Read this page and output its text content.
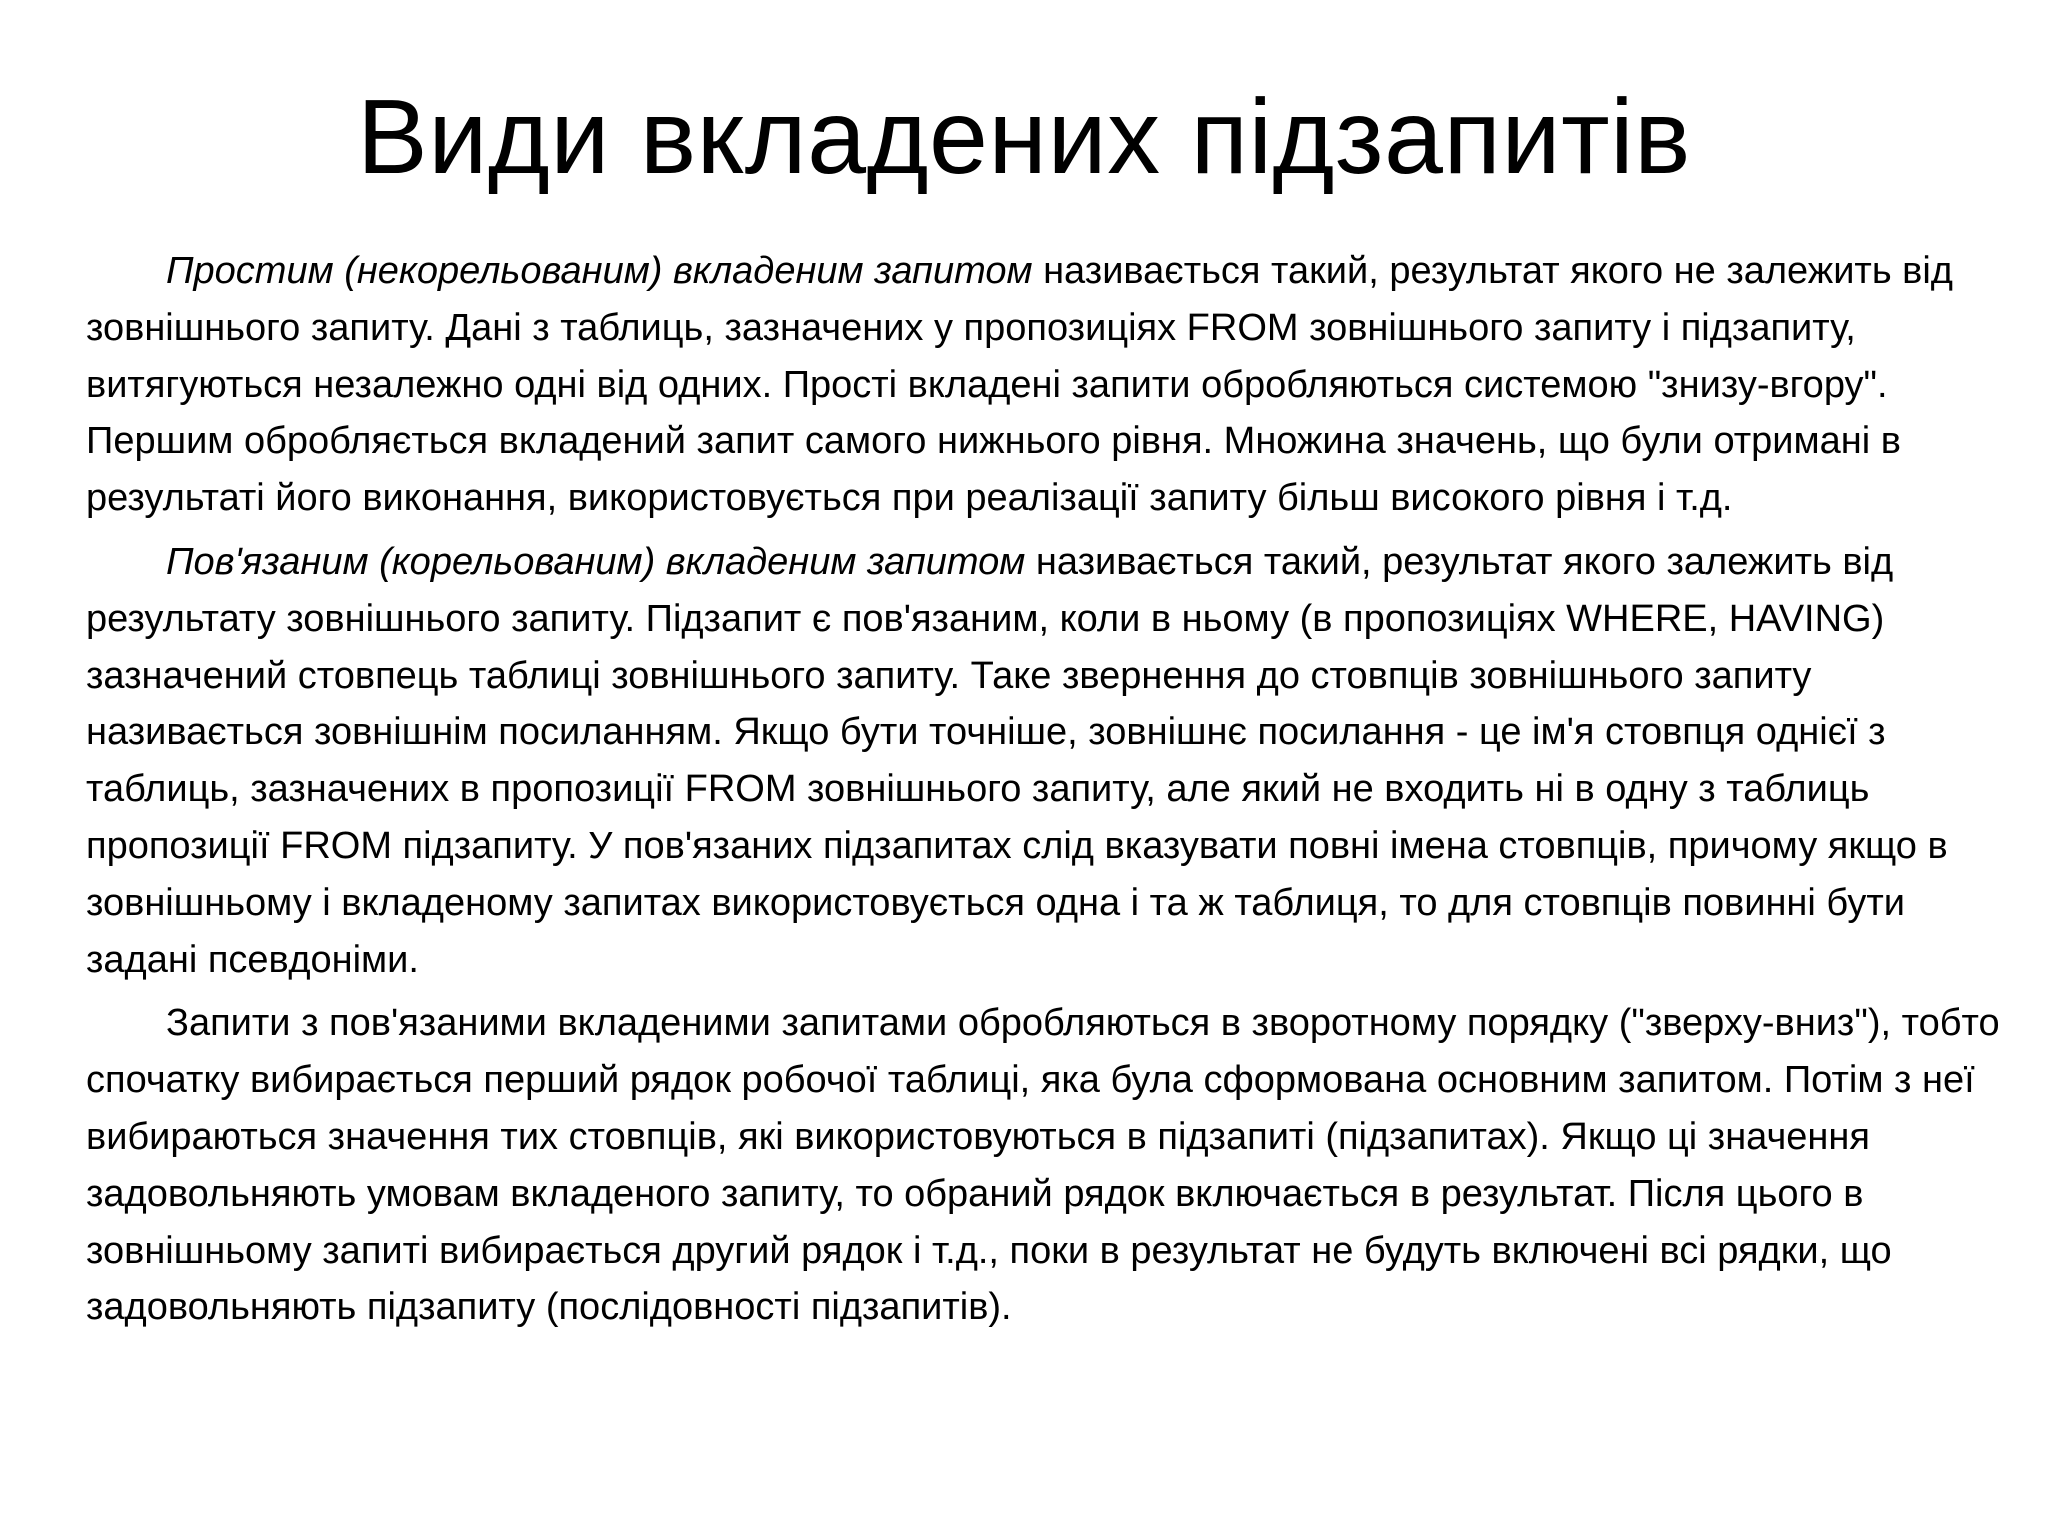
Види вкладених підзапитів

Простим (некорельованим) вкладеним запитом називається такий, результат якого не залежить від зовнішнього запиту. Дані з таблиць, зазначених у пропозиціях FROM зовнішнього запиту і підзапиту, витягуються незалежно одні від одних. Прості вкладені запити обробляються системою "знизу-вгору". Першим обробляється вкладений запит самого нижнього рівня. Множина значень, що були отримані в результаті його виконання, використовується при реалізації запиту більш високого рівня і т.д.

Пов'язаним (корельованим) вкладеним запитом називається такий, результат якого залежить від результату зовнішнього запиту. Підзапит є пов'язаним, коли в ньому (в пропозиціях WHERE, HAVING) зазначений стовпець таблиці зовнішнього запиту. Таке звернення до стовпців зовнішнього запиту називається зовнішнім посиланням. Якщо бути точніше, зовнішнє посилання - це ім'я стовпця однієї з таблиць, зазначених в пропозиції FROM зовнішнього запиту, але який не входить ні в одну з таблиць пропозиції FROM підзапиту. У пов'язаних підзапитах слід вказувати повні імена стовпців, причому якщо в зовнішньому і вкладеному запитах використовується одна і та ж таблиця, то для стовпців повинні бути задані псевдоніми.

Запити з пов'язаними вкладеними запитами обробляються в зворотному порядку ("зверху-вниз"), тобто спочатку вибирається перший рядок робочої таблиці, яка була сформована основним запитом. Потім з неї вибираються значення тих стовпців, які використовуються в підзапиті (підзапитах). Якщо ці значення задовольняють умовам вкладеного запиту, то обраний рядок включається в результат. Після цього в зовнішньому запиті вибирається другий рядок і т.д., поки в результат не будуть включені всі рядки, що задовольняють підзапиту (послідовності підзапитів).
